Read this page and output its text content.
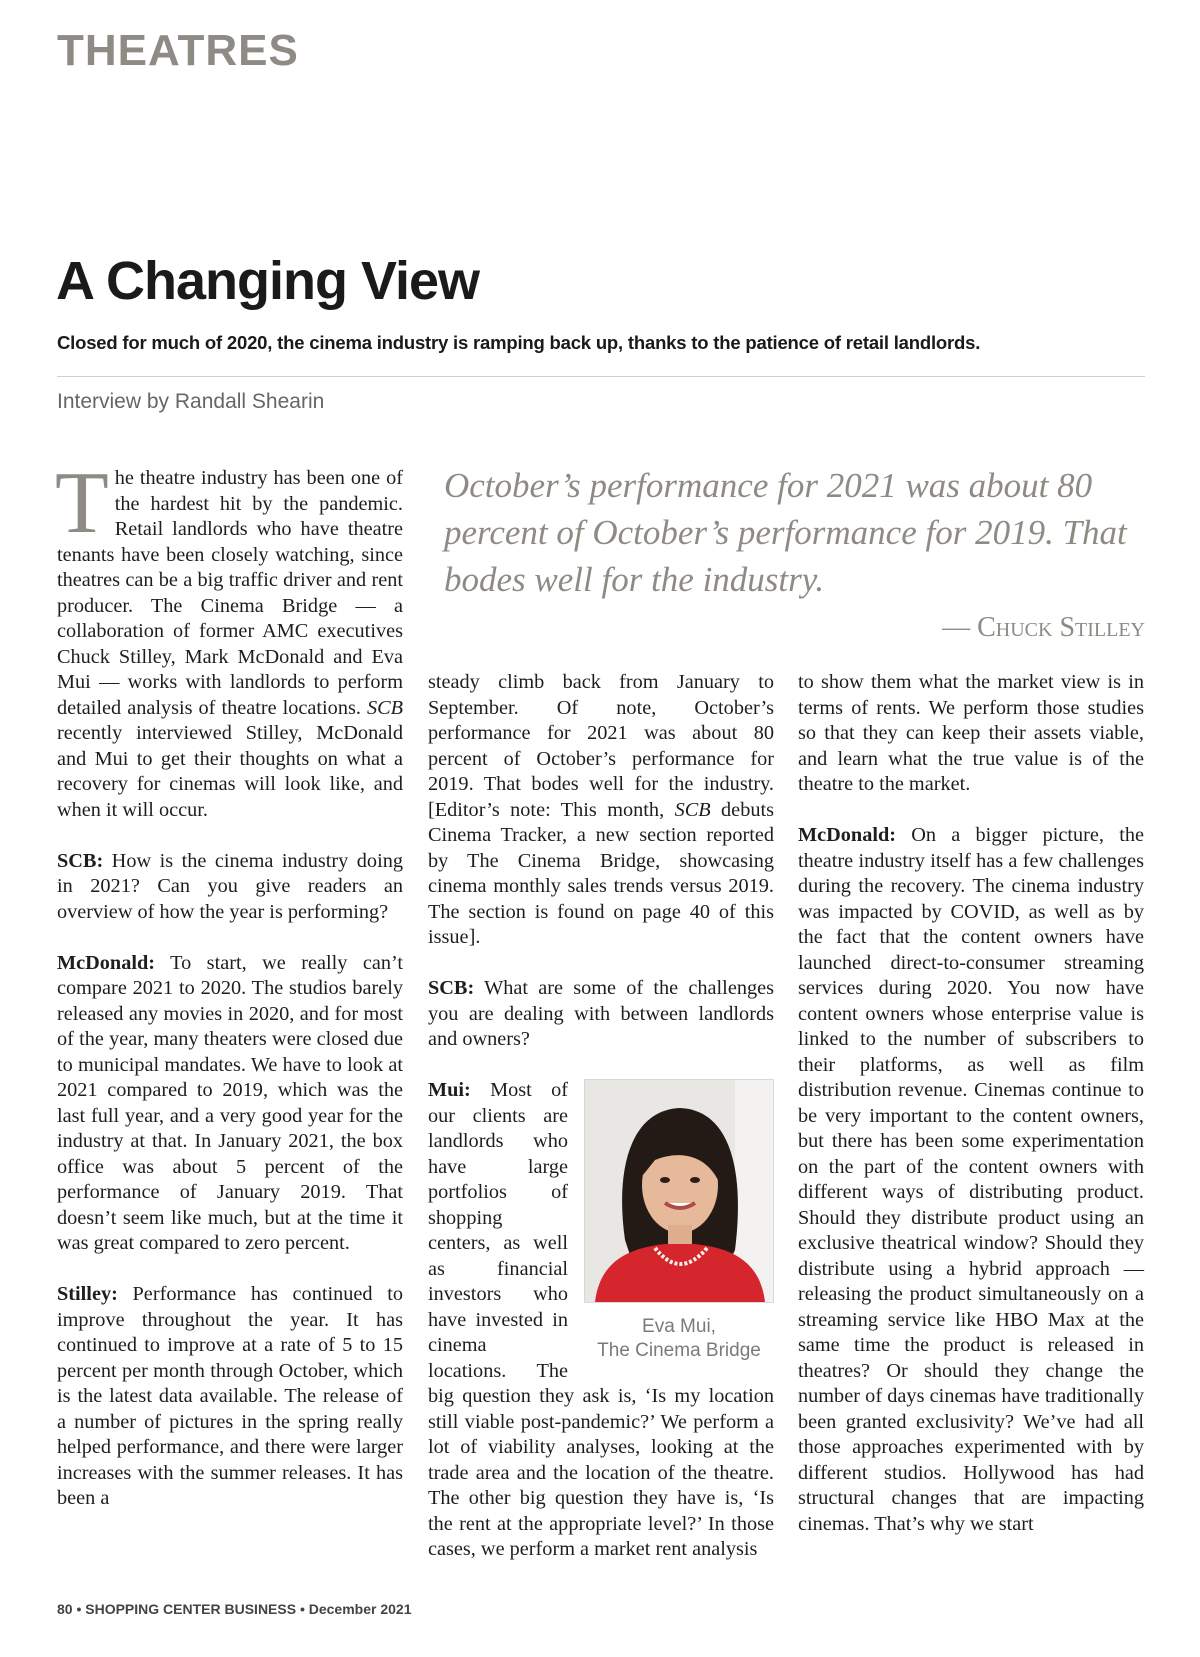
THEATRES
A Changing View
Closed for much of 2020, the cinema industry is ramping back up, thanks to the patience of retail landlords.
Interview by Randall Shearin

The theatre industry has been one of the hardest hit by the pandemic. Retail landlords who have theatre tenants have been closely watching, since theatres can be a big traffic driver and rent producer. The Cinema Bridge — a collaboration of former AMC executives Chuck Stilley, Mark McDonald and Eva Mui — works with landlords to perform detailed analysis of theatre locations. SCB recently interviewed Stilley, McDonald and Mui to get their thoughts on what a recovery for cinemas will look like, and when it will occur.

SCB: How is the cinema industry doing in 2021? Can you give readers an overview of how the year is performing?

McDonald: To start, we really can’t compare 2021 to 2020. The studios barely released any movies in 2020, and for most of the year, many theaters were closed due to municipal mandates. We have to look at 2021 compared to 2019, which was the last full year, and a very good year for the industry at that. In January 2021, the box office was about 5 percent of the performance of January 2019. That doesn’t seem like much, but at the time it was great compared to zero percent.

Stilley: Performance has continued to improve throughout the year. It has continued to improve at a rate of 5 to 15 percent per month through October, which is the latest data available. The release of a number of pictures in the spring really helped performance, and there were larger increases with the summer releases. It has been a

October’s performance for 2021 was about 80 percent of October’s performance for 2019. That bodes well for the industry.
— Chuck Stilley

steady climb back from January to September. Of note, October’s performance for 2021 was about 80 percent of October’s performance for 2019. That bodes well for the industry. [Editor’s note: This month, SCB debuts Cinema Tracker, a new section reported by The Cinema Bridge, showcasing cinema monthly sales trends versus 2019. The section is found on page 40 of this issue].

SCB: What are some of the challenges you are dealing with between landlords and owners?

Eva Mui,
The Cinema Bridge

Mui: Most of our clients are landlords who have large portfolios of shopping centers, as well as financial investors who have invested in cinema locations. The big question they ask is, ‘Is my location still viable post-pandemic?’ We perform a lot of viability analyses, looking at the trade area and the location of the theatre. The other big question they have is, ‘Is the rent at the appropriate level?’ In those cases, we perform a market rent analysis

to show them what the market view is in terms of rents. We perform those studies so that they can keep their assets viable, and learn what the true value is of the theatre to the market.

McDonald: On a bigger picture, the theatre industry itself has a few challenges during the recovery. The cinema industry was impacted by COVID, as well as by the fact that the content owners have launched direct-to-consumer streaming services during 2020. You now have content owners whose enterprise value is linked to the number of subscribers to their platforms, as well as film distribution revenue. Cinemas continue to be very important to the content owners, but there has been some experimentation on the part of the content owners with different ways of distributing product. Should they distribute product using an exclusive theatrical window? Should they distribute using a hybrid approach — releasing the product simultaneously on a streaming service like HBO Max at the same time the product is released in theatres? Or should they change the number of days cinemas have traditionally been granted exclusivity? We’ve had all those approaches experimented with by different studios. Hollywood has had structural changes that are impacting cinemas. That’s why we start

80 • SHOPPING CENTER BUSINESS • December 2021
